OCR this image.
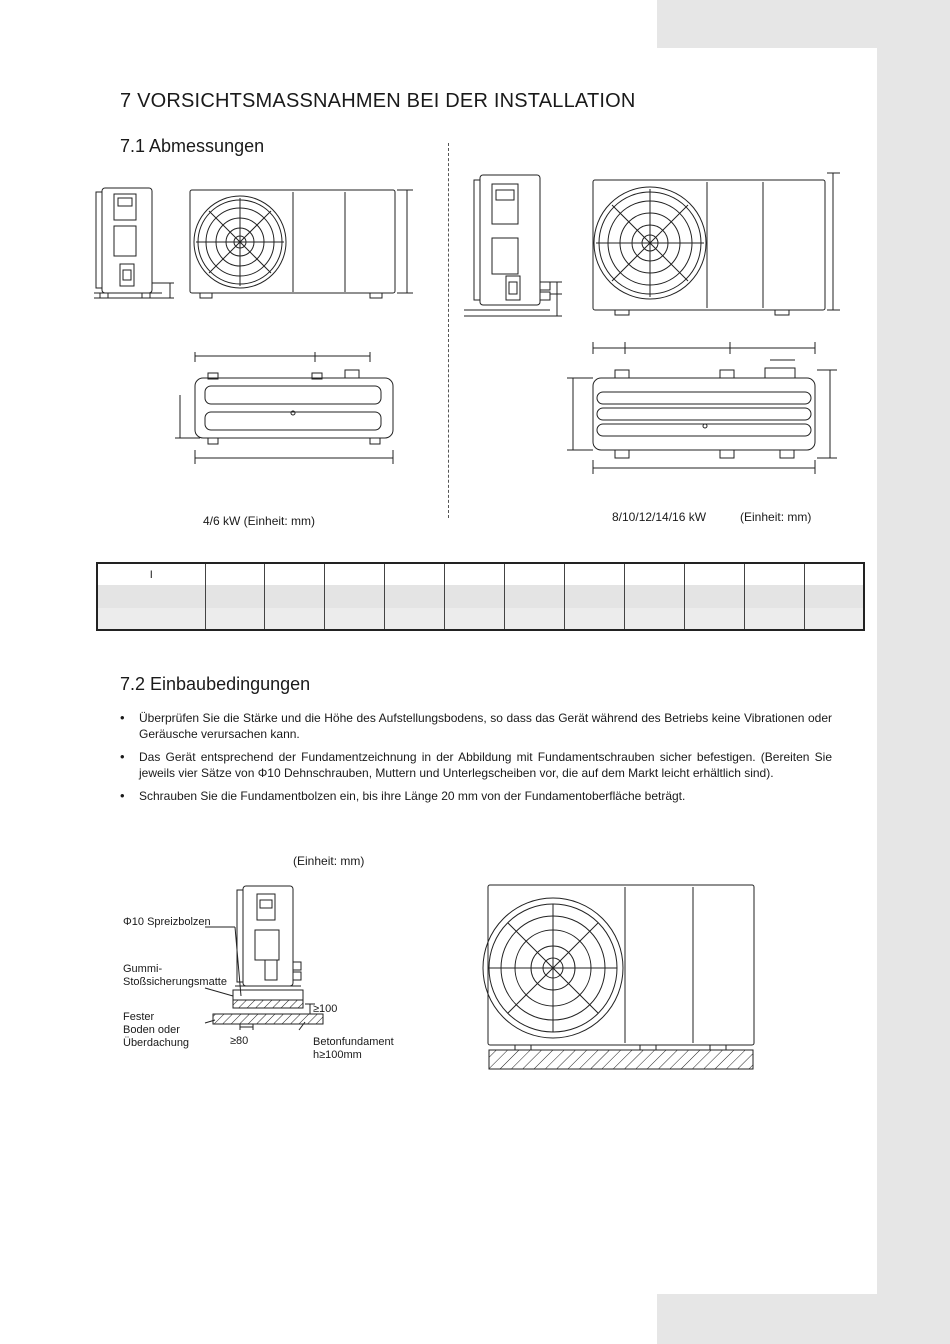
7 VORSICHTSMASSNAHMEN BEI DER INSTALLATION
7.1 Abmessungen
4/6 kW (Einheit: mm)	8/10/12/14/16 kW	(Einheit: mm)
I											

7.2 Einbaubedingungen
• Überprüfen Sie die Stärke und die Höhe des Aufstellungsbodens, so dass das Gerät während des Betriebs keine Vibrationen oder Geräusche verursachen kann.
• Das Gerät entsprechend der Fundamentzeichnung in der Abbildung mit Fundamentschrauben sicher befestigen. (Bereiten Sie jeweils vier Sätze von Φ10 Dehnschrauben, Muttern und Unterlegscheiben vor, die auf dem Markt leicht erhältlich sind).
• Schrauben Sie die Fundamentbolzen ein, bis ihre Länge 20 mm von der Fundamentoberfläche beträgt.
(Einheit: mm)
Φ10 Spreizbolzen
Gummi-
Stoßsicherungsmatte
Fester
Boden oder
Überdachung
≥100
≥80	Betonfundament
h≥100mm
